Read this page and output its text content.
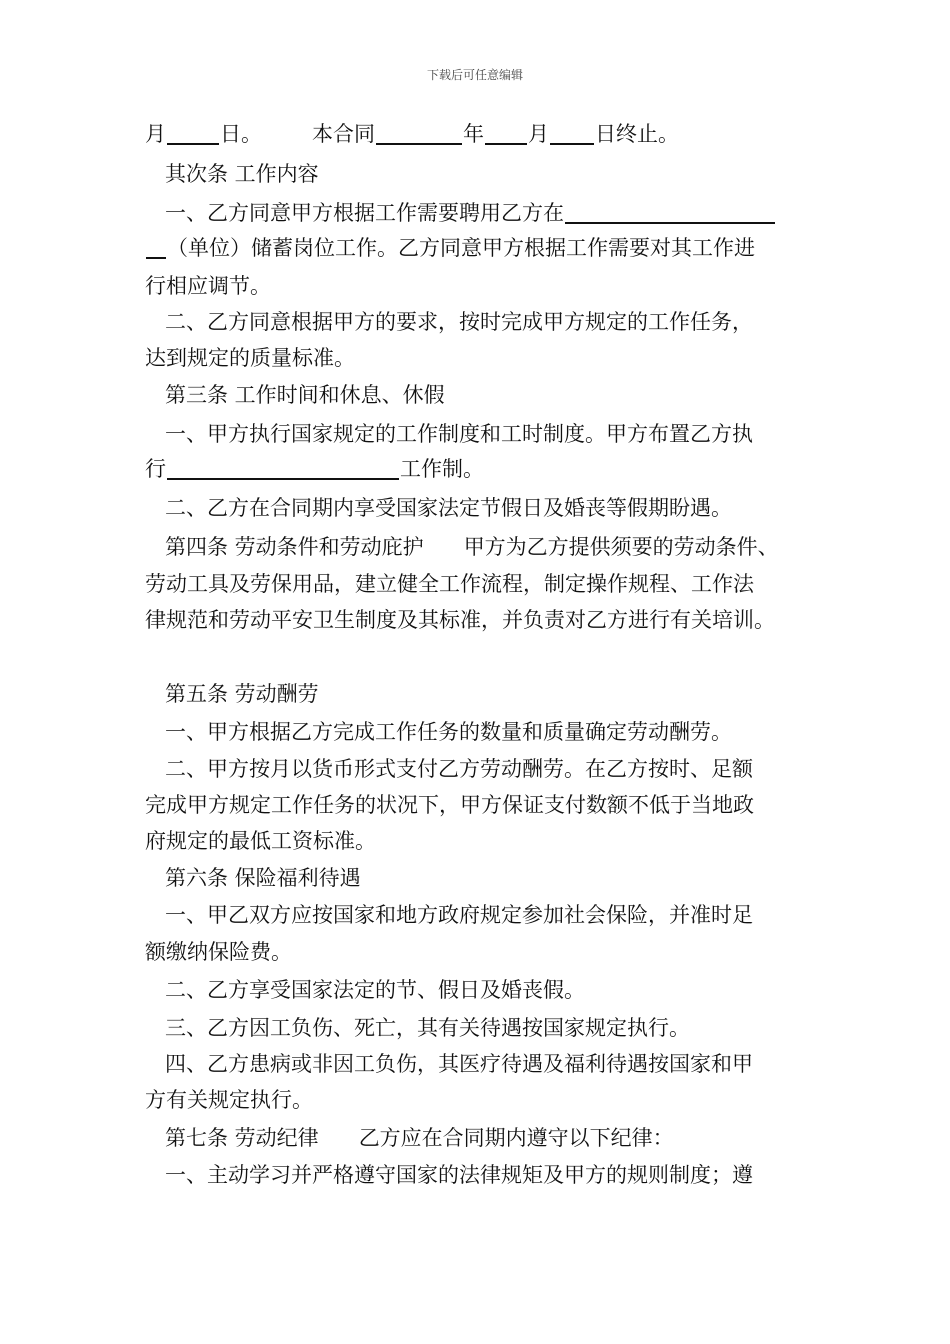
下载后可任意编辑
月	日。 本合同	年 月 日终止。
其次条 工作内容
一、乙方同意甲方根据工作需要聘用乙方在
（单位）储蓄岗位工作。乙方同意甲方根据工作需要对其工作进
行相应调节。
二、乙方同意根据甲方的要求，按时完成甲方规定的工作任务，
达到规定的质量标准。
第三条 工作时间和休息、休假
一、甲方执行国家规定的工作制度和工时制度。甲方布置乙方执
行	工作制。
二、乙方在合同期内享受国家法定节假日及婚丧等假期盼遇。
第四条 劳动条件和劳动庇护 甲方为乙方提供须要的劳动条件、
劳动工具及劳保用品，建立健全工作流程，制定操作规程、工作法
律规范和劳动平安卫生制度及其标准，并负责对乙方进行有关培训。
第五条 劳动酬劳
一、甲方根据乙方完成工作任务的数量和质量确定劳动酬劳。
二、甲方按月以货币形式支付乙方劳动酬劳。在乙方按时、足额
完成甲方规定工作任务的状况下，甲方保证支付数额不低于当地政
府规定的最低工资标准。
第六条 保险福利待遇
一、甲乙双方应按国家和地方政府规定参加社会保险，并准时足
额缴纳保险费。
二、乙方享受国家法定的节、假日及婚丧假。
三、乙方因工负伤、死亡，其有关待遇按国家规定执行。
四、乙方患病或非因工负伤，其医疗待遇及福利待遇按国家和甲
方有关规定执行。
第七条 劳动纪律 乙方应在合同期内遵守以下纪律：
一、主动学习并严格遵守国家的法律规矩及甲方的规则制度；遵
